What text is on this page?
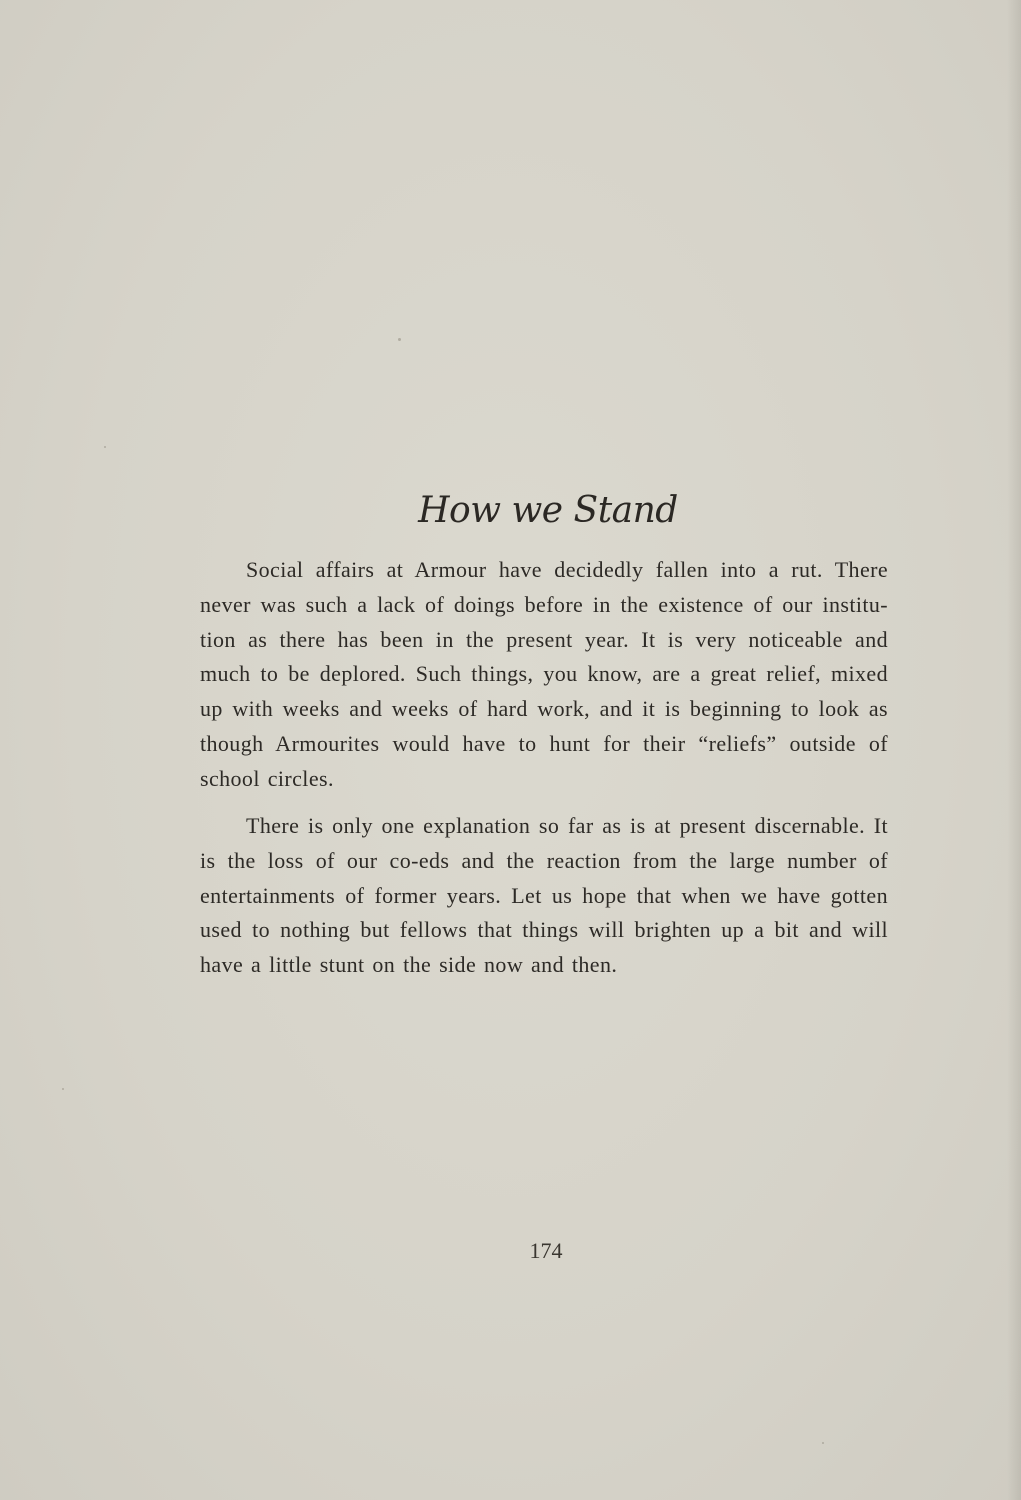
How we Stand

Social affairs at Armour have decidedly fallen into a rut. There never was such a lack of doings before in the existence of our institu-tion as there has been in the present year. It is very noticeable and much to be deplored. Such things, you know, are a great relief, mixed up with weeks and weeks of hard work, and it is beginning to look as though Armourites would have to hunt for their “reliefs” outside of school circles.

There is only one explanation so far as is at present discernable. It is the loss of our co-eds and the reaction from the large number of entertainments of former years. Let us hope that when we have gotten used to nothing but fellows that things will brighten up a bit and will have a little stunt on the side now and then.

174
